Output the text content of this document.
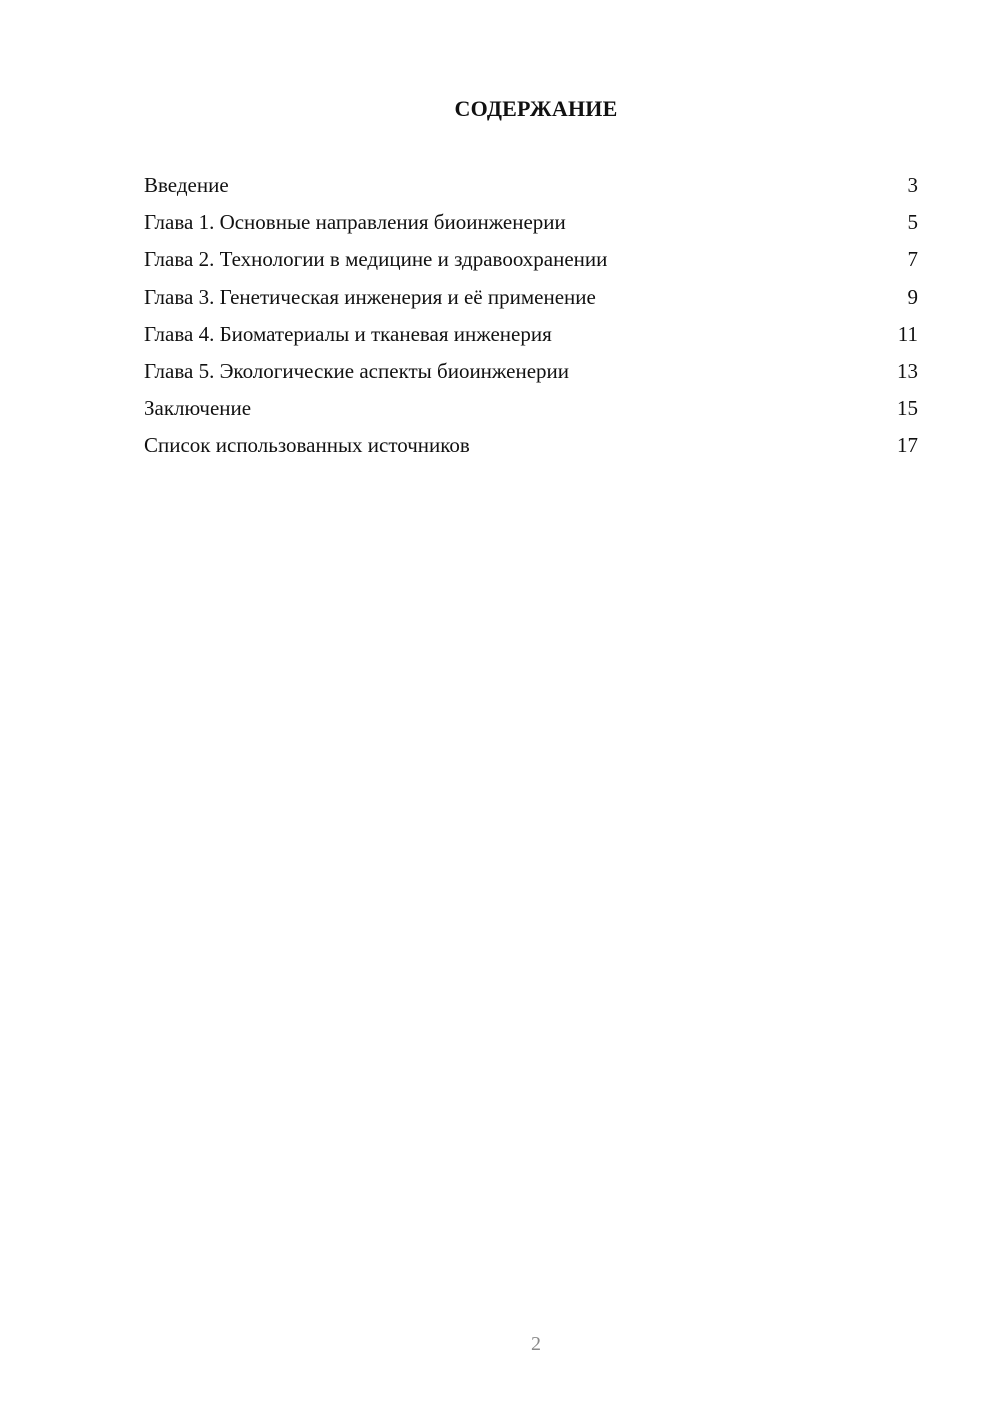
СОДЕРЖАНИЕ
Введение	3
Глава 1. Основные направления биоинженерии	5
Глава 2. Технологии в медицине и здравоохранении	7
Глава 3. Генетическая инженерия и её применение	9
Глава 4. Биоматериалы и тканевая инженерия	11
Глава 5. Экологические аспекты биоинженерии	13
Заключение	15
Список использованных источников	17
2
